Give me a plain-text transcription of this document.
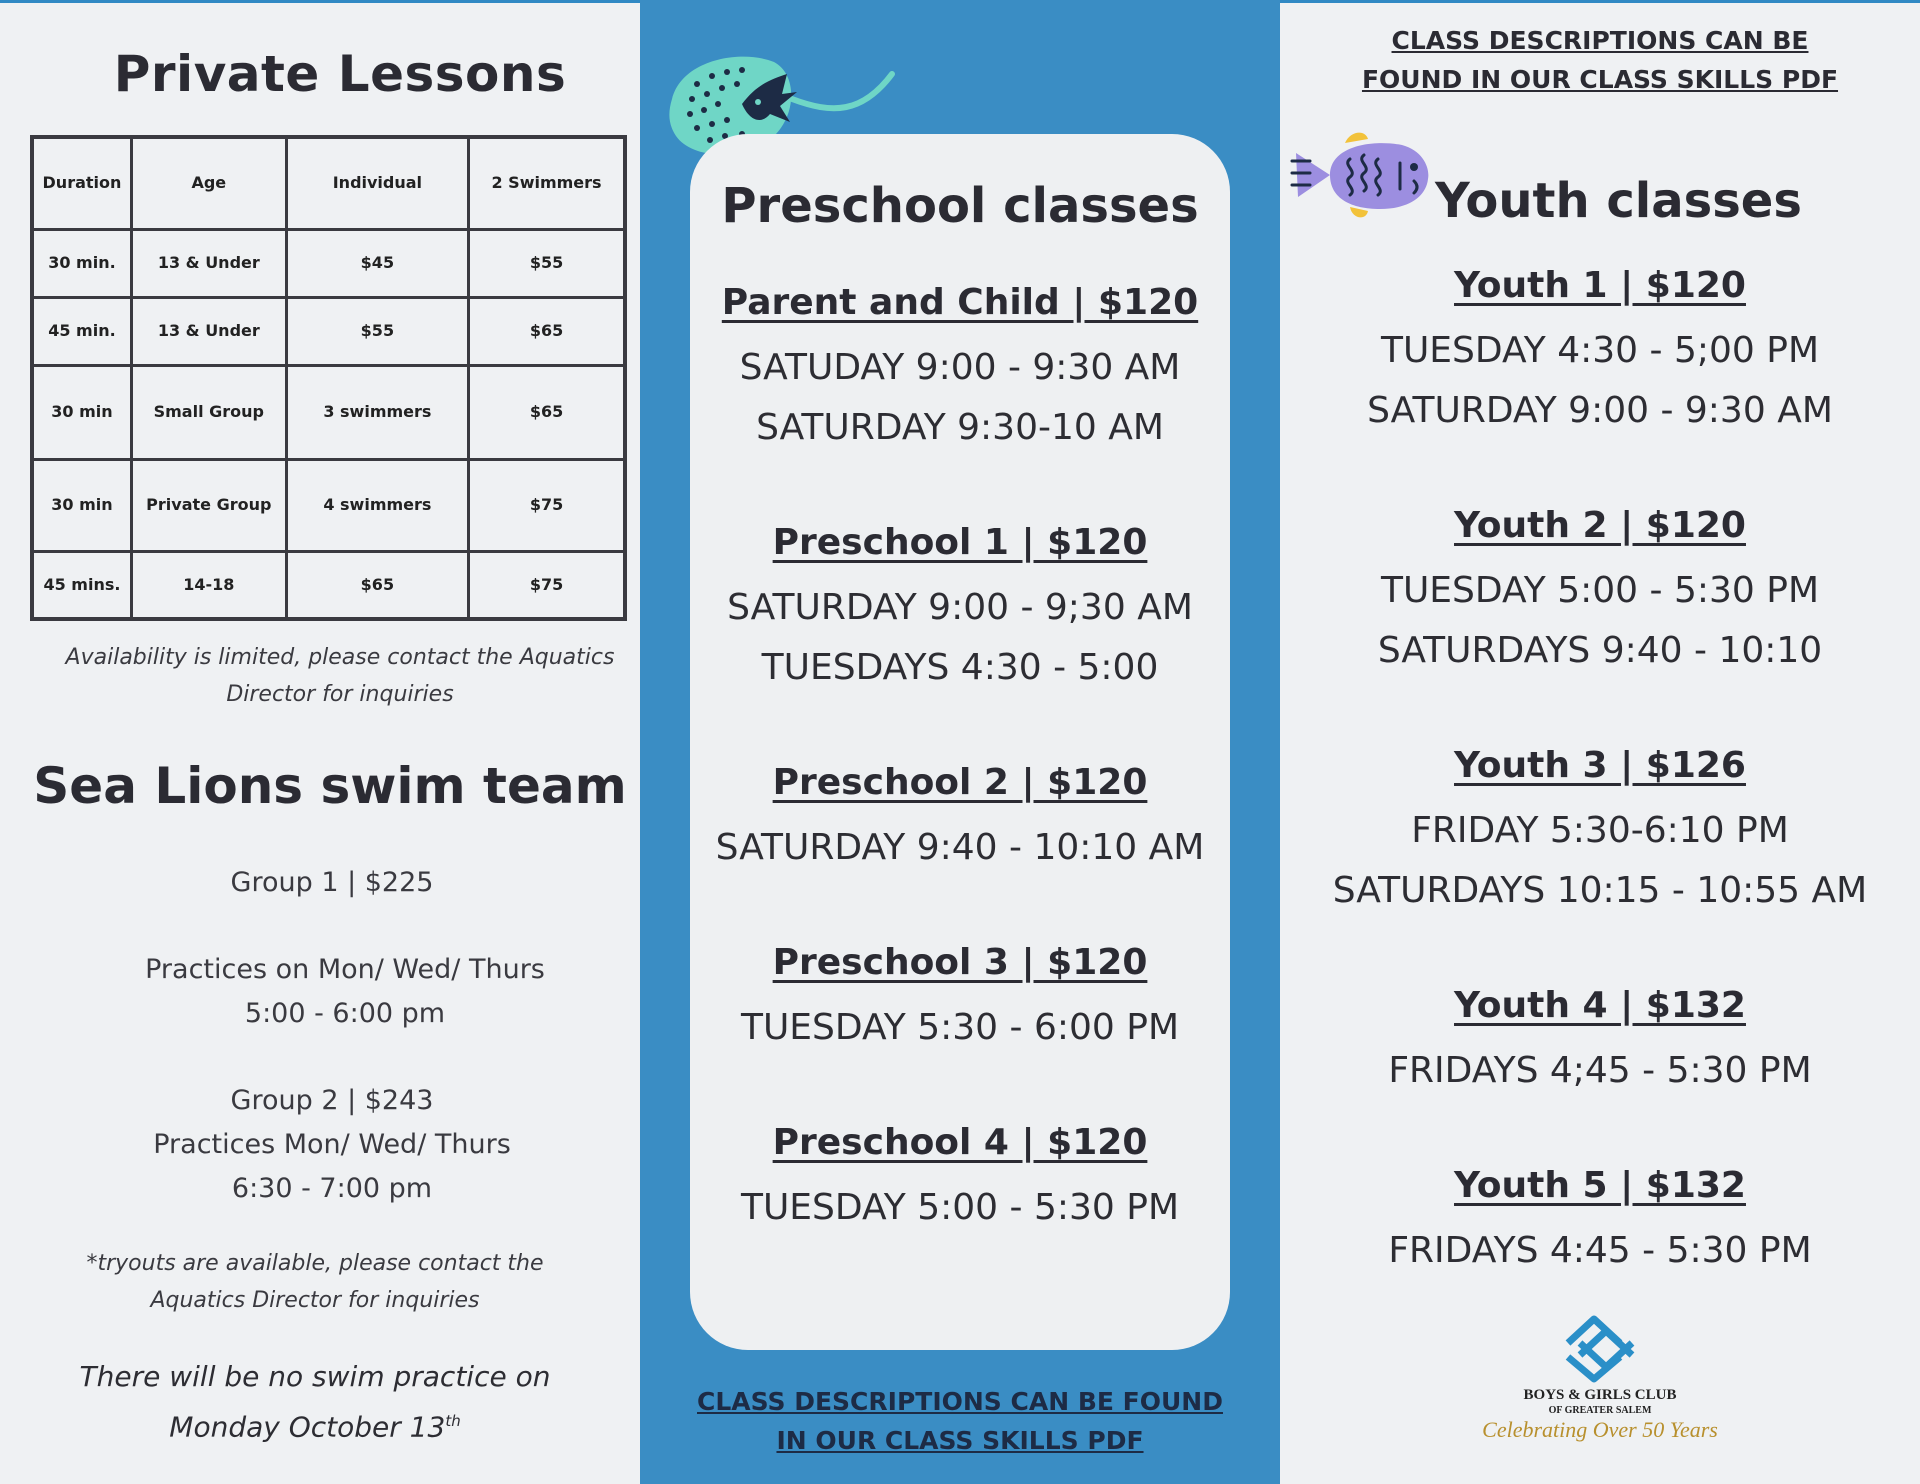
Private Lessons
Duration	Age	Individual	2 Swimmers
30 min.	13 & Under	$45	$55
45 min.	13 & Under	$55	$65
30 min	Small Group	3 swimmers	$65
30 min	Private Group	4 swimmers	$75
45 mins.	14-18	$65	$75
Availability is limited, please contact the Aquatics
Director for inquiries
Sea Lions swim team
Group 1 | $225
Practices on Mon/ Wed/ Thurs
5:00 - 6:00 pm
Group 2 | $243
Practices Mon/ Wed/ Thurs
6:30 - 7:00 pm
*tryouts are available, please contact the
Aquatics Director for inquiries
There will be no swim practice on
Monday October 13th
Preschool classes
Parent and Child | $120
SATUDAY 9:00 - 9:30 AM
SATURDAY 9:30-10 AM
Preschool 1 | $120
SATURDAY 9:00 - 9;30 AM
TUESDAYS 4:30 - 5:00
Preschool 2 | $120
SATURDAY 9:40 - 10:10 AM
Preschool 3 | $120
TUESDAY 5:30 - 6:00 PM
Preschool 4 | $120
TUESDAY 5:00 - 5:30 PM
CLASS DESCRIPTIONS CAN BE FOUND
IN OUR CLASS SKILLS PDF
CLASS DESCRIPTIONS CAN BE
FOUND IN OUR CLASS SKILLS PDF
Youth classes
Youth 1 | $120
TUESDAY 4:30 - 5;00 PM
SATURDAY 9:00 - 9:30 AM
Youth 2 | $120
TUESDAY 5:00 - 5:30 PM
SATURDAYS 9:40 - 10:10
Youth 3 | $126
FRIDAY 5:30-6:10 PM
SATURDAYS 10:15 - 10:55 AM
Youth 4 | $132
FRIDAYS 4;45 - 5:30 PM
Youth 5 | $132
FRIDAYS 4:45 - 5:30 PM
BOYS & GIRLS CLUB
OF GREATER SALEM
Celebrating Over 50 Years
